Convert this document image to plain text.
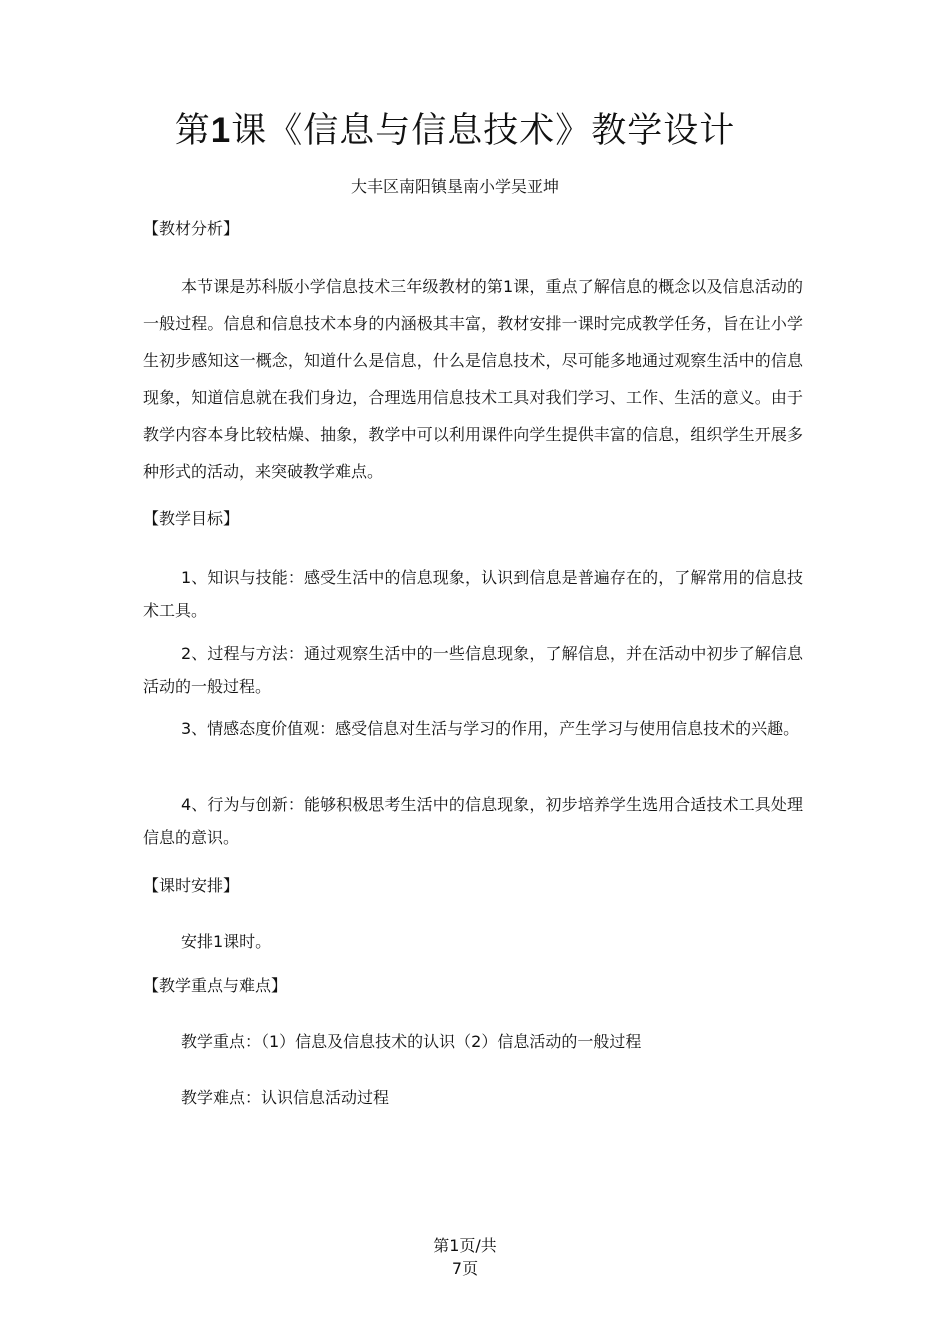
第1课《信息与信息技术》教学设计
大丰区南阳镇垦南小学吴亚坤
【教材分析】

本节课是苏科版小学信息技术三年级教材的第1课，重点了解信息的概念以及信息活动的一般过程。信息和信息技术本身的内涵极其丰富，教材安排一课时完成教学任务，旨在让小学生初步感知这一概念，知道什么是信息，什么是信息技术，尽可能多地通过观察生活中的信息现象，知道信息就在我们身边，合理选用信息技术工具对我们学习、工作、生活的意义。由于教学内容本身比较枯燥、抽象，教学中可以利用课件向学生提供丰富的信息，组织学生开展多种形式的活动，来突破教学难点。

【教学目标】

1、知识与技能：感受生活中的信息现象，认识到信息是普遍存在的，了解常用的信息技术工具。

2、过程与方法：通过观察生活中的一些信息现象，了解信息，并在活动中初步了解信息活动的一般过程。

3、情感态度价值观：感受信息对生活与学习的作用，产生学习与使用信息技术的兴趣。

4、行为与创新：能够积极思考生活中的信息现象，初步培养学生选用合适技术工具处理信息的意识。

【课时安排】
安排1课时。
【教学重点与难点】
教学重点：（1）信息及信息技术的认识（2）信息活动的一般过程
教学难点：认识信息活动过程
第1页/共
7页
